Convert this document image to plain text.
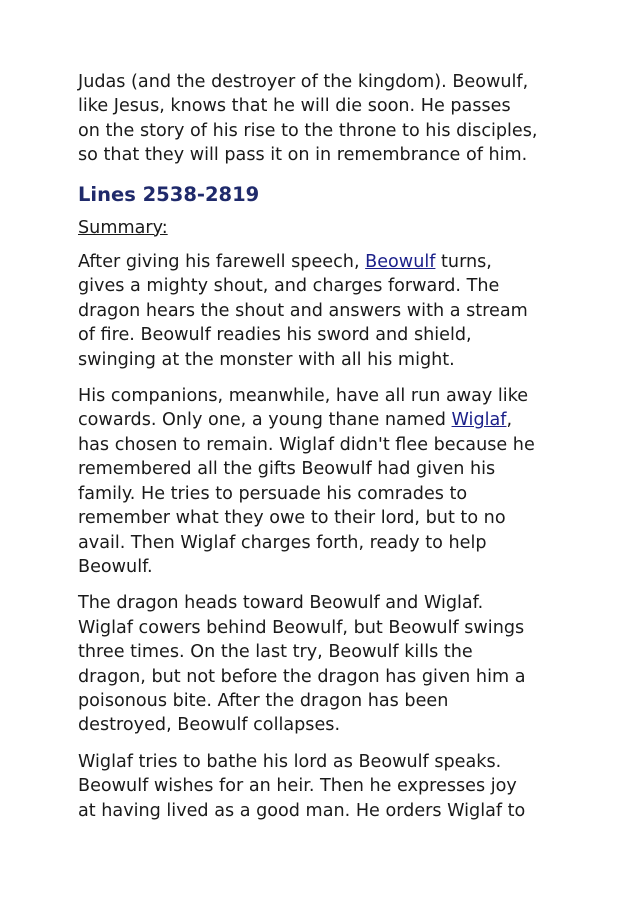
Judas (and the destroyer of the kingdom). Beowulf,
like Jesus, knows that he will die soon. He passes
on the story of his rise to the throne to his disciples,
so that they will pass it on in remembrance of him.

Lines 2538-2819

Summary:

After giving his farewell speech, Beowulf turns,
gives a mighty shout, and charges forward. The
dragon hears the shout and answers with a stream
of fire. Beowulf readies his sword and shield,
swinging at the monster with all his might.

His companions, meanwhile, have all run away like
cowards. Only one, a young thane named Wiglaf,
has chosen to remain. Wiglaf didn't flee because he
remembered all the gifts Beowulf had given his
family. He tries to persuade his comrades to
remember what they owe to their lord, but to no
avail. Then Wiglaf charges forth, ready to help
Beowulf.

The dragon heads toward Beowulf and Wiglaf.
Wiglaf cowers behind Beowulf, but Beowulf swings
three times. On the last try, Beowulf kills the
dragon, but not before the dragon has given him a
poisonous bite. After the dragon has been
destroyed, Beowulf collapses.

Wiglaf tries to bathe his lord as Beowulf speaks.
Beowulf wishes for an heir. Then he expresses joy
at having lived as a good man. He orders Wiglaf to
